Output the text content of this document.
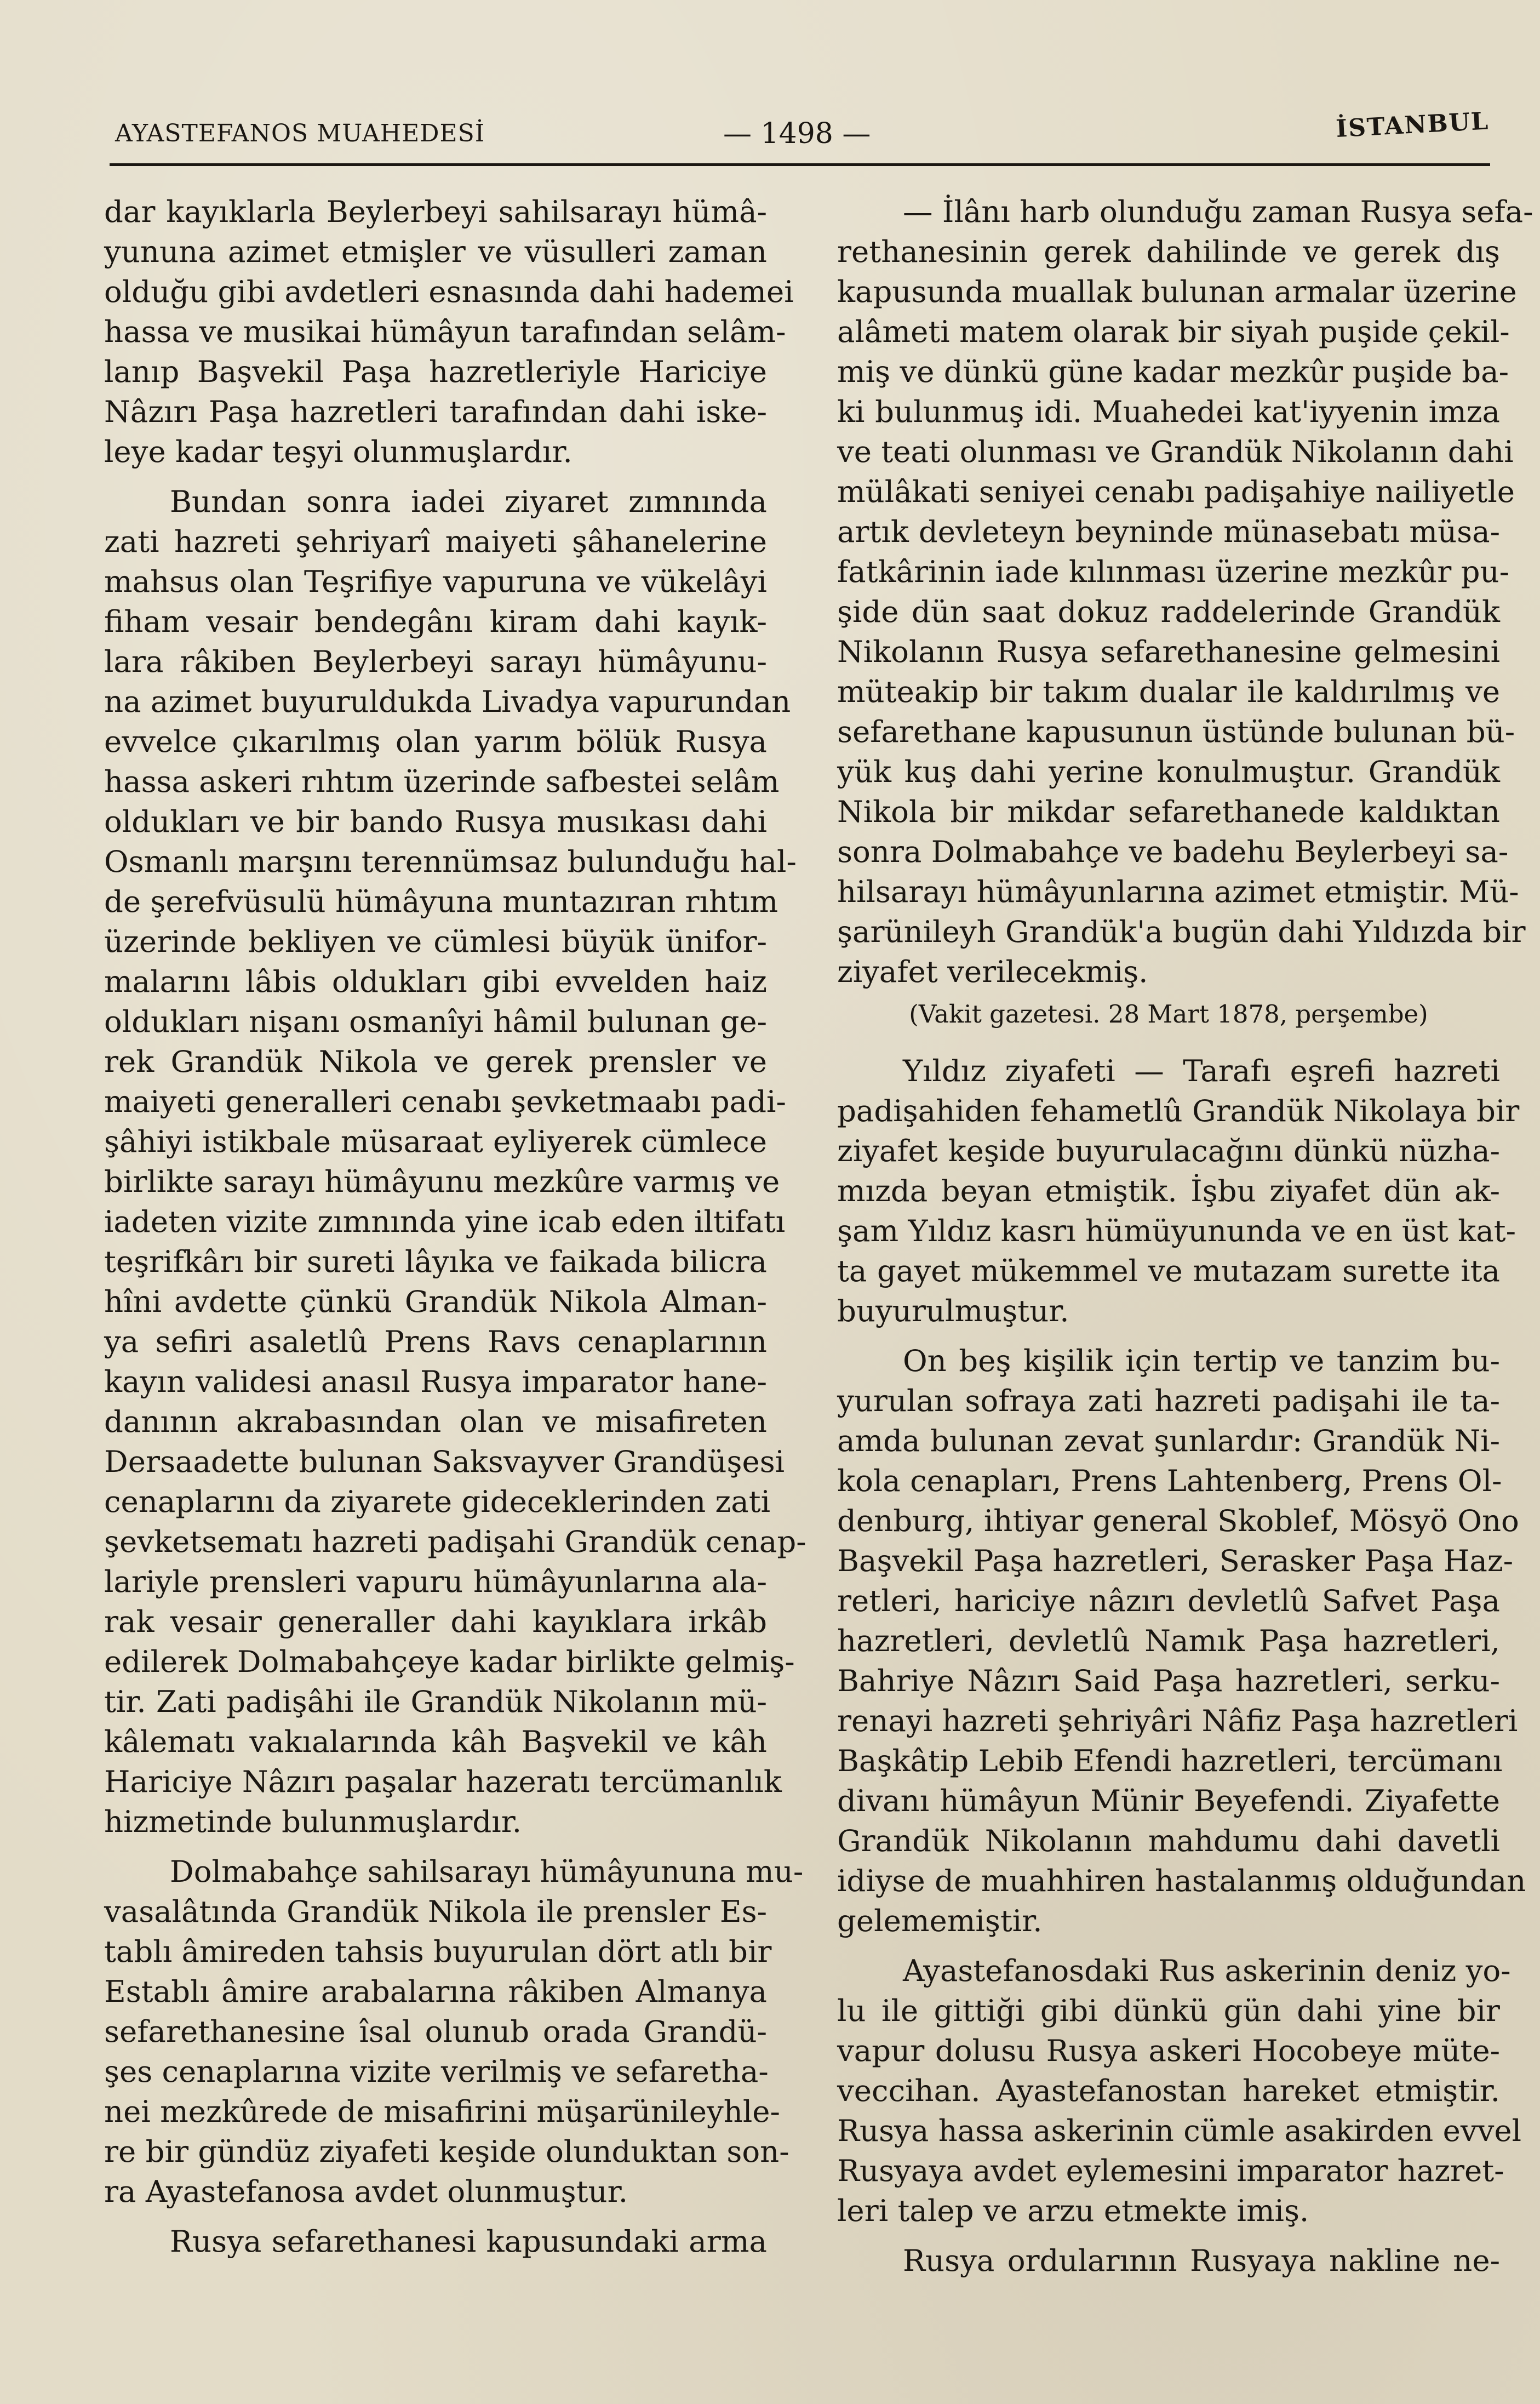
AYASTEFANOS MUAHEDESİ	— 1498 —	İSTANBUL
dar kayıklarla Beylerbeyi sahilsarayı hümâ-
yununa azimet etmişler ve vüsulleri zaman
olduğu gibi avdetleri esnasında dahi hademei
hassa ve musikai hümâyun tarafından selâm-
lanıp Başvekil Paşa hazretleriyle Hariciye
Nâzırı Paşa hazretleri tarafından dahi iske-
leye kadar teşyi olunmuşlardır.
Bundan sonra iadei ziyaret zımnında
zati hazreti şehriyarî maiyeti şâhanelerine
mahsus olan Teşrifiye vapuruna ve vükelâyi
fiham vesair bendegânı kiram dahi kayık-
lara râkiben Beylerbeyi sarayı hümâyunu-
na azimet buyuruldukda Livadya vapurundan
evvelce çıkarılmış olan yarım bölük Rusya
hassa askeri rıhtım üzerinde safbestei selâm
oldukları ve bir bando Rusya musıkası dahi
Osmanlı marşını terennümsaz bulunduğu hal-
de şerefvüsulü hümâyuna muntazıran rıhtım
üzerinde bekliyen ve cümlesi büyük ünifor-
malarını lâbis oldukları gibi evvelden haiz
oldukları nişanı osmanîyi hâmil bulunan ge-
rek Grandük Nikola ve gerek prensler ve
maiyeti generalleri cenabı şevketmaabı padi-
şâhiyi istikbale müsaraat eyliyerek cümlece
birlikte sarayı hümâyunu mezkûre varmış ve
iadeten vizite zımnında yine icab eden iltifatı
teşrifkârı bir sureti lâyıka ve faikada bilicra
hîni avdette çünkü Grandük Nikola Alman-
ya sefiri asaletlû Prens Ravs cenaplarının
kayın validesi anasıl Rusya imparator hane-
danının akrabasından olan ve misafireten
Dersaadette bulunan Saksvayver Grandüşesi
cenaplarını da ziyarete gideceklerinden zati
şevketsematı hazreti padişahi Grandük cenap-
lariyle prensleri vapuru hümâyunlarına ala-
rak vesair generaller dahi kayıklara irkâb
edilerek Dolmabahçeye kadar birlikte gelmiş-
tir. Zati padişâhi ile Grandük Nikolanın mü-
kâlematı vakıalarında kâh Başvekil ve kâh
Hariciye Nâzırı paşalar hazeratı tercümanlık
hizmetinde bulunmuşlardır.
Dolmabahçe sahilsarayı hümâyununa mu-
vasalâtında Grandük Nikola ile prensler Es-
tablı âmireden tahsis buyurulan dört atlı bir
Establı âmire arabalarına râkiben Almanya
sefarethanesine îsal olunub orada Grandü-
şes cenaplarına vizite verilmiş ve sefaretha-
nei mezkûrede de misafirini müşarünileyhle-
re bir gündüz ziyafeti keşide olunduktan son-
ra Ayastefanosa avdet olunmuştur.
Rusya sefarethanesi kapusundaki arma
— İlânı harb olunduğu zaman Rusya sefa-
rethanesinin gerek dahilinde ve gerek dış
kapusunda muallak bulunan armalar üzerine
alâmeti matem olarak bir siyah puşide çekil-
miş ve dünkü güne kadar mezkûr puşide ba-
ki bulunmuş idi. Muahedei kat'iyyenin imza
ve teati olunması ve Grandük Nikolanın dahi
mülâkati seniyei cenabı padişahiye nailiyetle
artık devleteyn beyninde münasebatı müsa-
fatkârinin iade kılınması üzerine mezkûr pu-
şide dün saat dokuz raddelerinde Grandük
Nikolanın Rusya sefarethanesine gelmesini
müteakip bir takım dualar ile kaldırılmış ve
sefarethane kapusunun üstünde bulunan bü-
yük kuş dahi yerine konulmuştur. Grandük
Nikola bir mikdar sefarethanede kaldıktan
sonra Dolmabahçe ve badehu Beylerbeyi sa-
hilsarayı hümâyunlarına azimet etmiştir. Mü-
şarünileyh Grandük'a bugün dahi Yıldızda bir
ziyafet verilecekmiş.
(Vakit gazetesi. 28 Mart 1878, perşembe)
Yıldız ziyafeti — Tarafı eşrefi hazreti
padişahiden fehametlû Grandük Nikolaya bir
ziyafet keşide buyurulacağını dünkü nüzha-
mızda beyan etmiştik. İşbu ziyafet dün ak-
şam Yıldız kasrı hümüyununda ve en üst kat-
ta gayet mükemmel ve mutazam surette ita
buyurulmuştur.
On beş kişilik için tertip ve tanzim bu-
yurulan sofraya zati hazreti padişahi ile ta-
amda bulunan zevat şunlardır: Grandük Ni-
kola cenapları, Prens Lahtenberg, Prens Ol-
denburg, ihtiyar general Skoblef, Mösyö Ono
Başvekil Paşa hazretleri, Serasker Paşa Haz-
retleri, hariciye nâzırı devletlû Safvet Paşa
hazretleri, devletlû Namık Paşa hazretleri,
Bahriye Nâzırı Said Paşa hazretleri, serku-
renayi hazreti şehriyâri Nâfiz Paşa hazretleri
Başkâtip Lebib Efendi hazretleri, tercümanı
divanı hümâyun Münir Beyefendi. Ziyafette
Grandük Nikolanın mahdumu dahi davetli
idiyse de muahhiren hastalanmış olduğundan
gelememiştir.
Ayastefanosdaki Rus askerinin deniz yo-
lu ile gittiği gibi dünkü gün dahi yine bir
vapur dolusu Rusya askeri Hocobeye müte-
veccihan. Ayastefanostan hareket etmiştir.
Rusya hassa askerinin cümle asakirden evvel
Rusyaya avdet eylemesini imparator hazret-
leri talep ve arzu etmekte imiş.
Rusya ordularının Rusyaya nakline ne-
